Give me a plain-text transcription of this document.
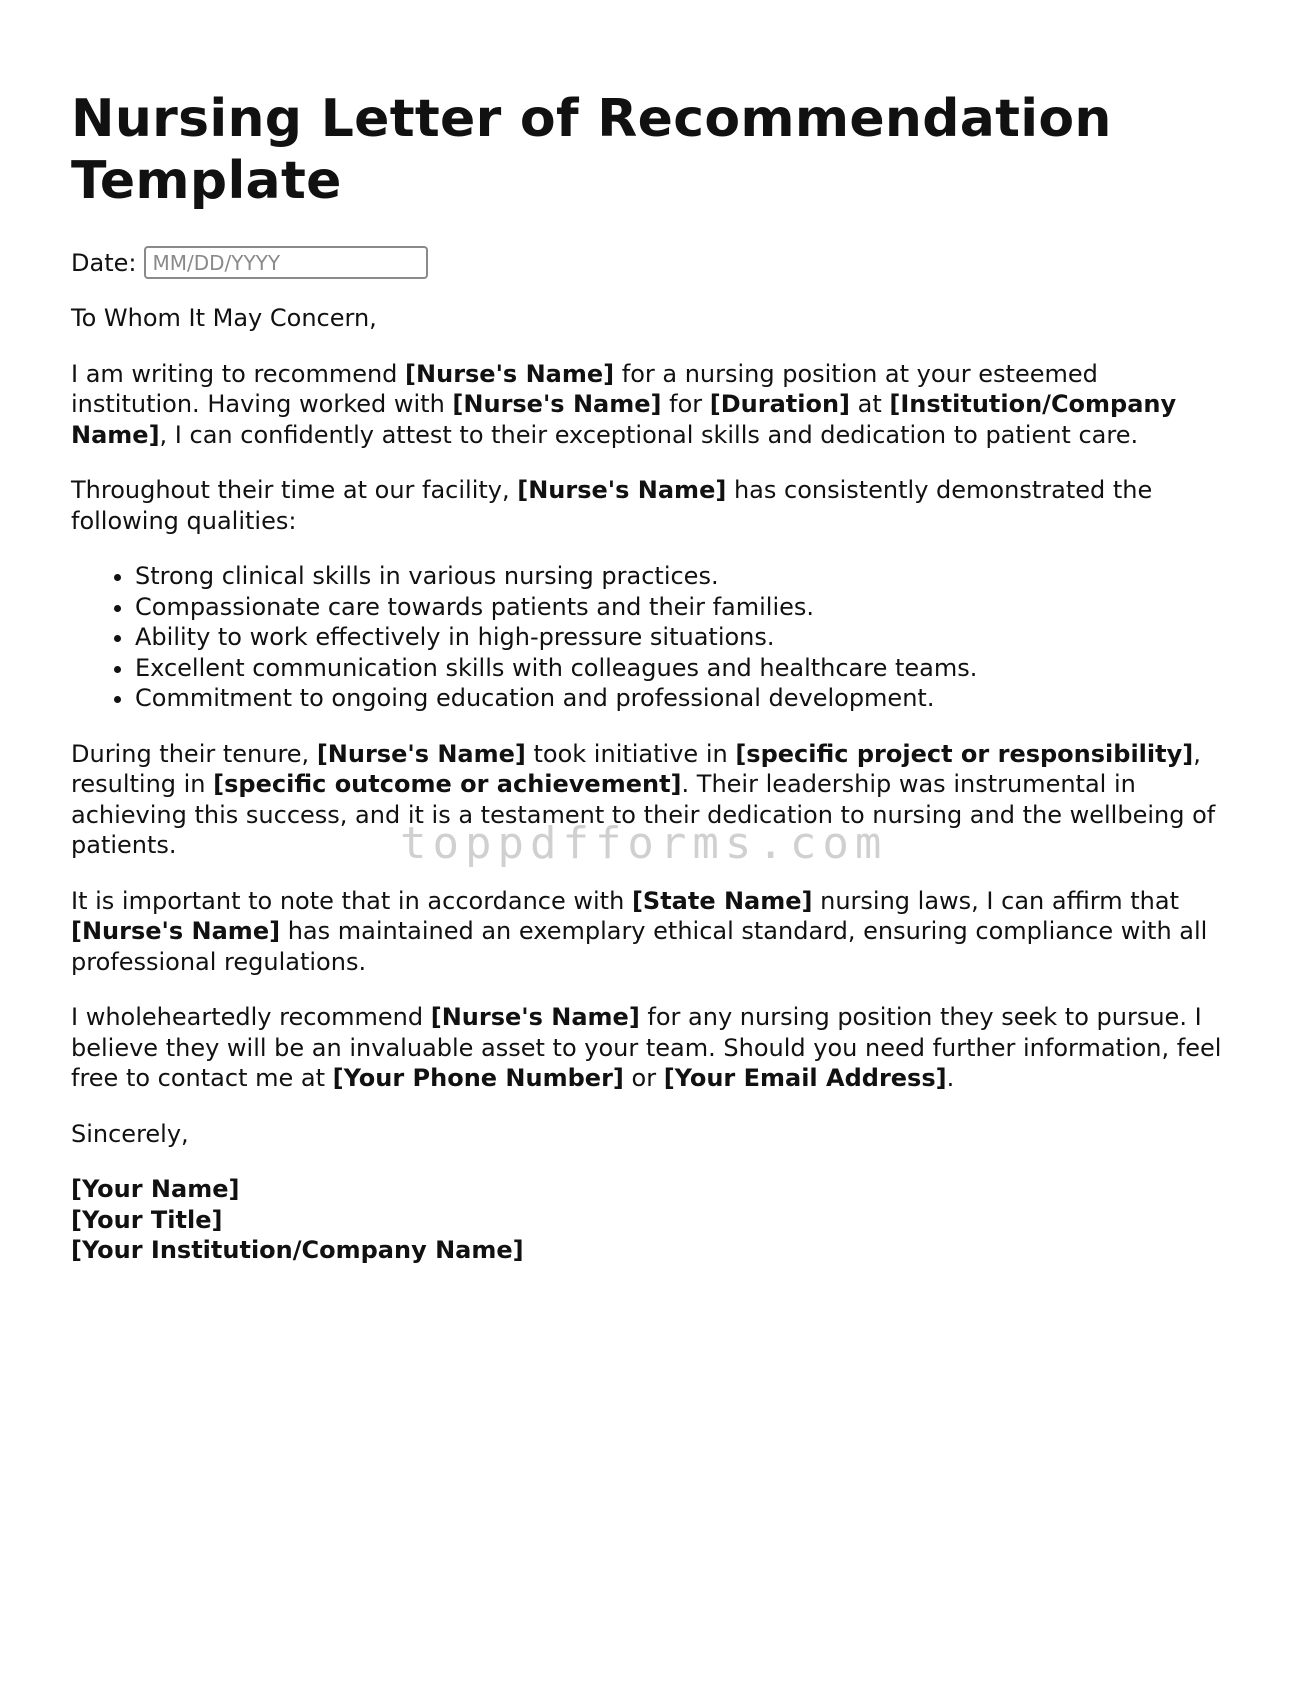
Nursing Letter of Recommendation Template
Date:
MM/DD/YYYY

To Whom It May Concern,

I am writing to recommend [Nurse's Name] for a nursing position at your esteemed institution. Having worked with [Nurse's Name] for [Duration] at [Institution/Company Name], I can confidently attest to their exceptional skills and dedication to patient care.

Throughout their time at our facility, [Nurse's Name] has consistently demonstrated the following qualities:

• Strong clinical skills in various nursing practices.
• Compassionate care towards patients and their families.
• Ability to work effectively in high-pressure situations.
• Excellent communication skills with colleagues and healthcare teams.
• Commitment to ongoing education and professional development.

During their tenure, [Nurse's Name] took initiative in [specific project or responsibility], resulting in [specific outcome or achievement]. Their leadership was instrumental in achieving this success, and it is a testament to their dedication to nursing and the wellbeing of patients.

It is important to note that in accordance with [State Name] nursing laws, I can affirm that [Nurse's Name] has maintained an exemplary ethical standard, ensuring compliance with all professional regulations.

I wholeheartedly recommend [Nurse's Name] for any nursing position they seek to pursue. I believe they will be an invaluable asset to your team. Should you need further information, feel free to contact me at [Your Phone Number] or [Your Email Address].

Sincerely,

[Your Name]
[Your Title]
[Your Institution/Company Name]
toppdfforms.com
